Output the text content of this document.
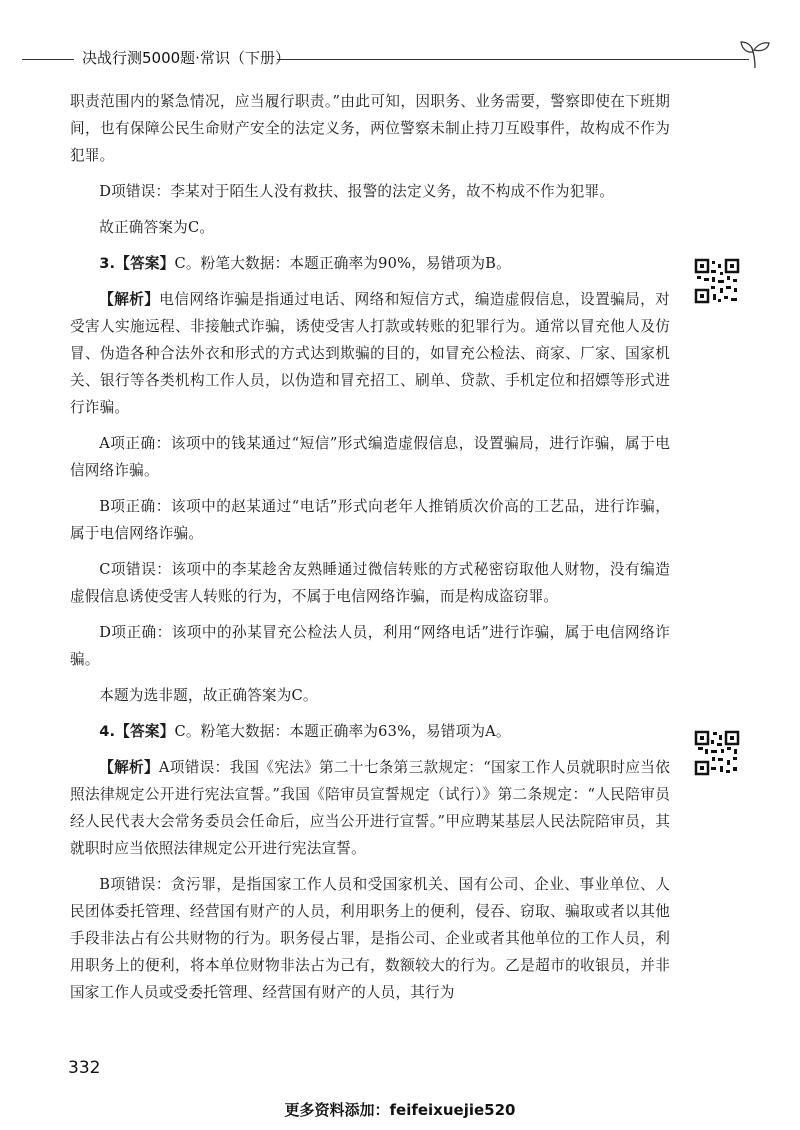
决战行测5000题·常识（下册）

职责范围内的紧急情况，应当履行职责。”由此可知，因职务、业务需要，警察即使在下班期间，也有保障公民生命财产安全的法定义务，两位警察未制止持刀互殴事件，故构成不作为犯罪。

D项错误：李某对于陌生人没有救扶、报警的法定义务，故不构成不作为犯罪。

故正确答案为C。

3.【答案】C。粉笔大数据：本题正确率为90%，易错项为B。

【解析】电信网络诈骗是指通过电话、网络和短信方式，编造虚假信息，设置骗局，对受害人实施远程、非接触式诈骗，诱使受害人打款或转账的犯罪行为。通常以冒充他人及仿冒、伪造各种合法外衣和形式的方式达到欺骗的目的，如冒充公检法、商家、厂家、国家机关、银行等各类机构工作人员，以伪造和冒充招工、刷单、贷款、手机定位和招嫖等形式进行诈骗。

A项正确：该项中的钱某通过“短信”形式编造虚假信息，设置骗局，进行诈骗，属于电信网络诈骗。

B项正确：该项中的赵某通过“电话”形式向老年人推销质次价高的工艺品，进行诈骗，属于电信网络诈骗。

C项错误：该项中的李某趁舍友熟睡通过微信转账的方式秘密窃取他人财物，没有编造虚假信息诱使受害人转账的行为，不属于电信网络诈骗，而是构成盗窃罪。

D项正确：该项中的孙某冒充公检法人员，利用“网络电话”进行诈骗，属于电信网络诈骗。

本题为选非题，故正确答案为C。

4.【答案】C。粉笔大数据：本题正确率为63%，易错项为A。

【解析】A项错误：我国《宪法》第二十七条第三款规定：“国家工作人员就职时应当依照法律规定公开进行宪法宣誓。”我国《陪审员宣誓规定（试行）》第二条规定：“人民陪审员经人民代表大会常务委员会任命后，应当公开进行宣誓。”甲应聘某基层人民法院陪审员，其就职时应当依照法律规定公开进行宪法宣誓。

B项错误：贪污罪，是指国家工作人员和受国家机关、国有公司、企业、事业单位、人民团体委托管理、经营国有财产的人员，利用职务上的便利，侵吞、窃取、骗取或者以其他手段非法占有公共财物的行为。职务侵占罪，是指公司、企业或者其他单位的工作人员，利用职务上的便利，将本单位财物非法占为己有，数额较大的行为。乙是超市的收银员，并非国家工作人员或受委托管理、经营国有财产的人员，其行为

332
更多资料添加：feifeixuejie520
